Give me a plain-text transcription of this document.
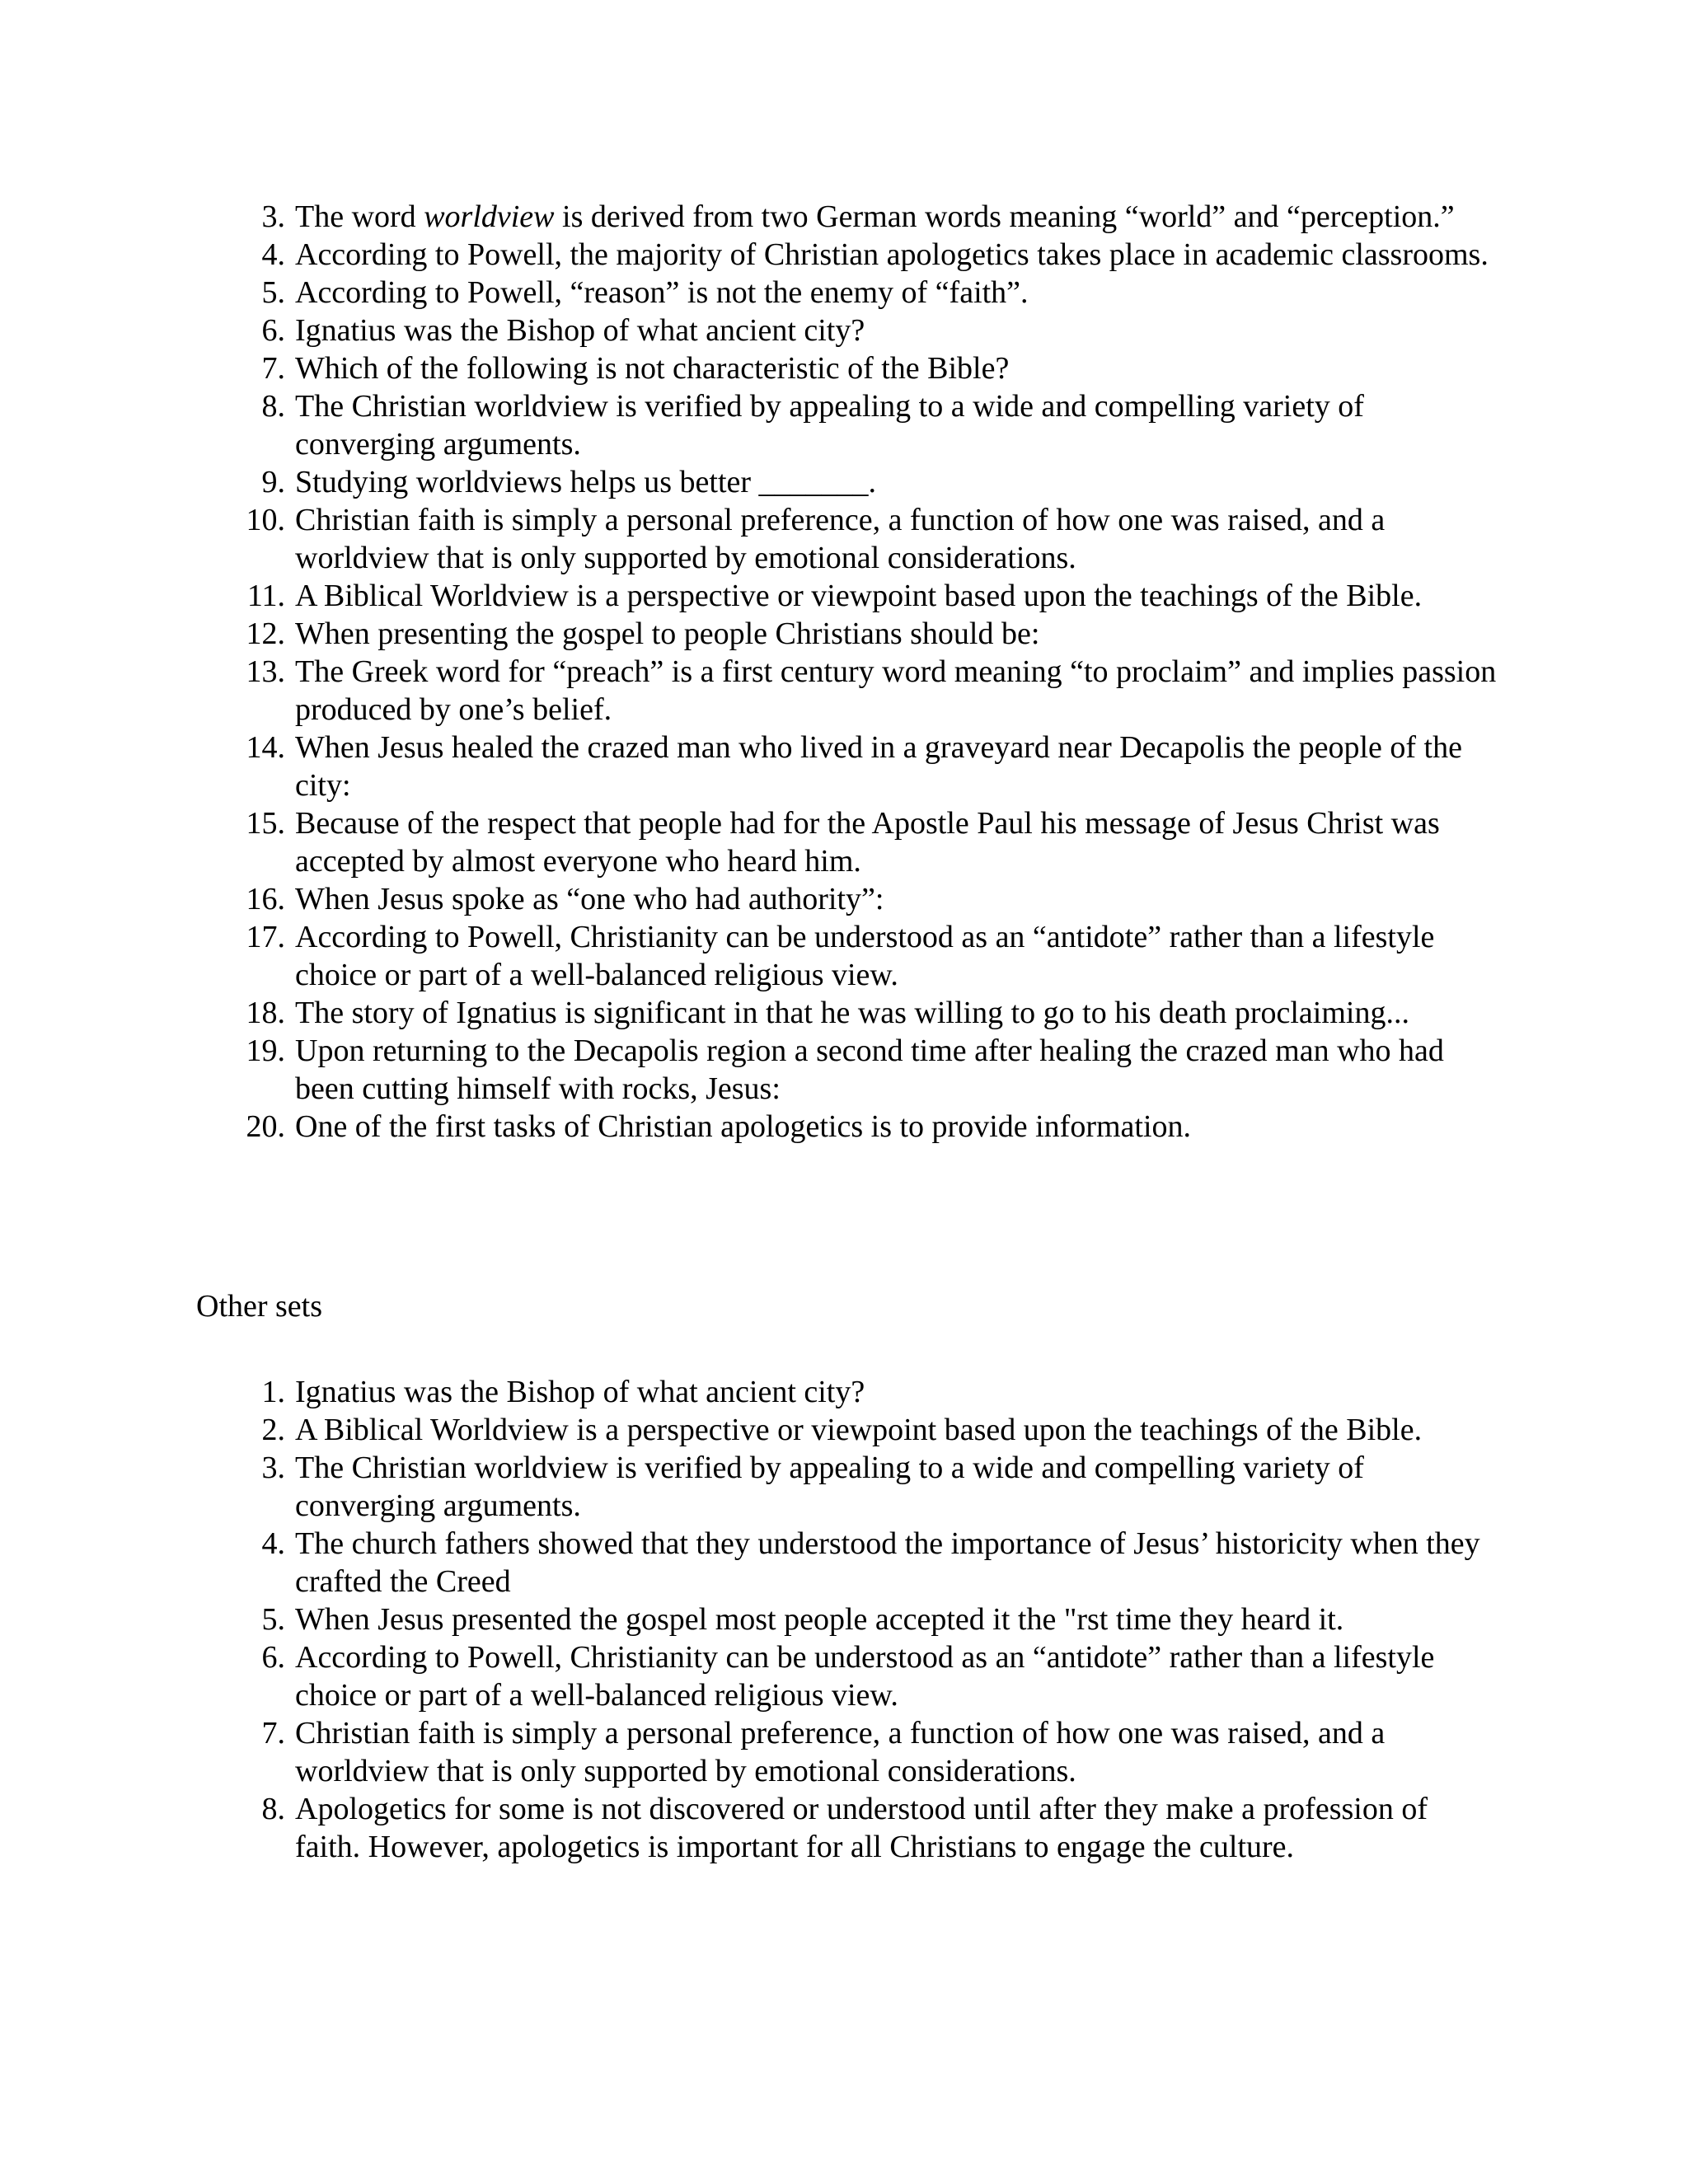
3. The word worldview is derived from two German words meaning “world” and “perception.”
4. According to Powell, the majority of Christian apologetics takes place in academic classrooms.
5. According to Powell, “reason” is not the enemy of “faith”.
6. Ignatius was the Bishop of what ancient city?
7. Which of the following is not characteristic of the Bible?
8. The Christian worldview is verified by appealing to a wide and compelling variety of converging arguments.
9. Studying worldviews helps us better _______.
10. Christian faith is simply a personal preference, a function of how one was raised, and a worldview that is only supported by emotional considerations.
11. A Biblical Worldview is a perspective or viewpoint based upon the teachings of the Bible.
12. When presenting the gospel to people Christians should be:
13. The Greek word for “preach” is a first century word meaning “to proclaim” and implies passion produced by one’s belief.
14. When Jesus healed the crazed man who lived in a graveyard near Decapolis the people of the city:
15. Because of the respect that people had for the Apostle Paul his message of Jesus Christ was accepted by almost everyone who heard him.
16. When Jesus spoke as “one who had authority”:
17. According to Powell, Christianity can be understood as an “antidote” rather than a lifestyle choice or part of a well-balanced religious view.
18. The story of Ignatius is significant in that he was willing to go to his death proclaiming...
19. Upon returning to the Decapolis region a second time after healing the crazed man who had been cutting himself with rocks, Jesus:
20. One of the first tasks of Christian apologetics is to provide information.

Other sets

1. Ignatius was the Bishop of what ancient city?
2. A Biblical Worldview is a perspective or viewpoint based upon the teachings of the Bible.
3. The Christian worldview is verified by appealing to a wide and compelling variety of converging arguments.
4. The church fathers showed that they understood the importance of Jesus’ historicity when they crafted the Creed
5. When Jesus presented the gospel most people accepted it the "rst time they heard it.
6. According to Powell, Christianity can be understood as an “antidote” rather than a lifestyle choice or part of a well-balanced religious view.
7. Christian faith is simply a personal preference, a function of how one was raised, and a worldview that is only supported by emotional considerations.
8. Apologetics for some is not discovered or understood until after they make a profession of faith. However, apologetics is important for all Christians to engage the culture.
